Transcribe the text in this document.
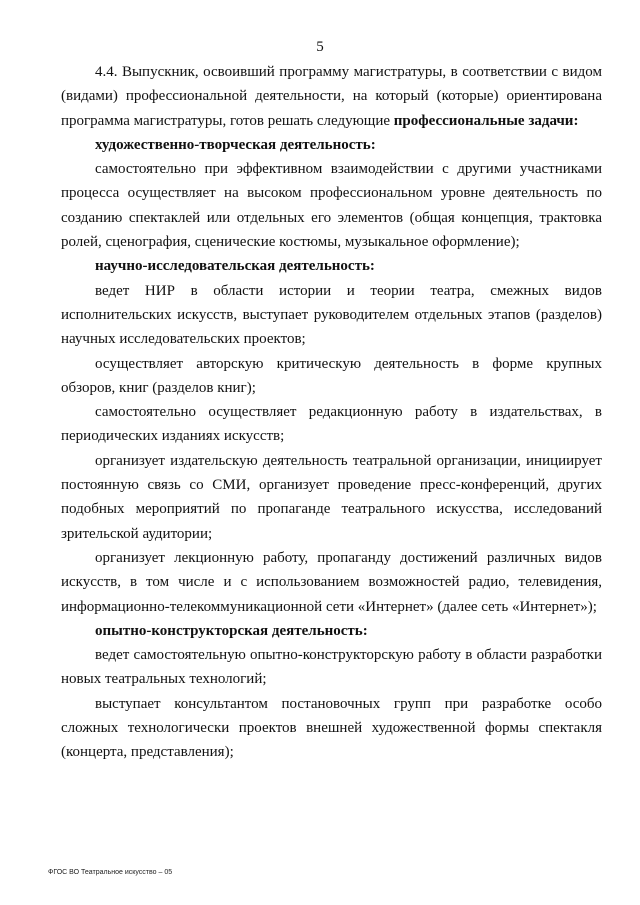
5

4.4. Выпускник, освоивший программу магистратуры, в соответствии с видом (видами) профессиональной деятельности, на который (которые) ориентирована программа магистратуры, готов решать следующие профессиональные задачи:

художественно-творческая деятельность:

самостоятельно при эффективном взаимодействии с другими участниками процесса осуществляет на высоком профессиональном уровне деятельность по созданию спектаклей или отдельных его элементов (общая концепция, трактовка ролей, сценография, сценические костюмы, музыкальное оформление);

научно-исследовательская деятельность:

ведет НИР в области истории и теории театра, смежных видов исполнительских искусств, выступает руководителем отдельных этапов (разделов) научных исследовательских проектов;

осуществляет авторскую критическую деятельность в форме крупных обзоров, книг (разделов книг);

самостоятельно осуществляет редакционную работу в издательствах, в периодических изданиях искусств;

организует издательскую деятельность театральной организации, инициирует постоянную связь со СМИ, организует проведение пресс-конференций, других подобных мероприятий по пропаганде театрального искусства, исследований зрительской аудитории;

организует лекционную работу, пропаганду достижений различных видов искусств, в том числе и с использованием возможностей радио, телевидения, информационно-телекоммуникационной сети «Интернет» (далее сеть «Интернет»);

опытно-конструкторская деятельность:

ведет самостоятельную опытно-конструкторскую работу в области разработки новых театральных технологий;

выступает консультантом постановочных групп при разработке особо сложных технологически проектов внешней художественной формы спектакля (концерта, представления);

ФГОС ВО Театральное искусство – 05
